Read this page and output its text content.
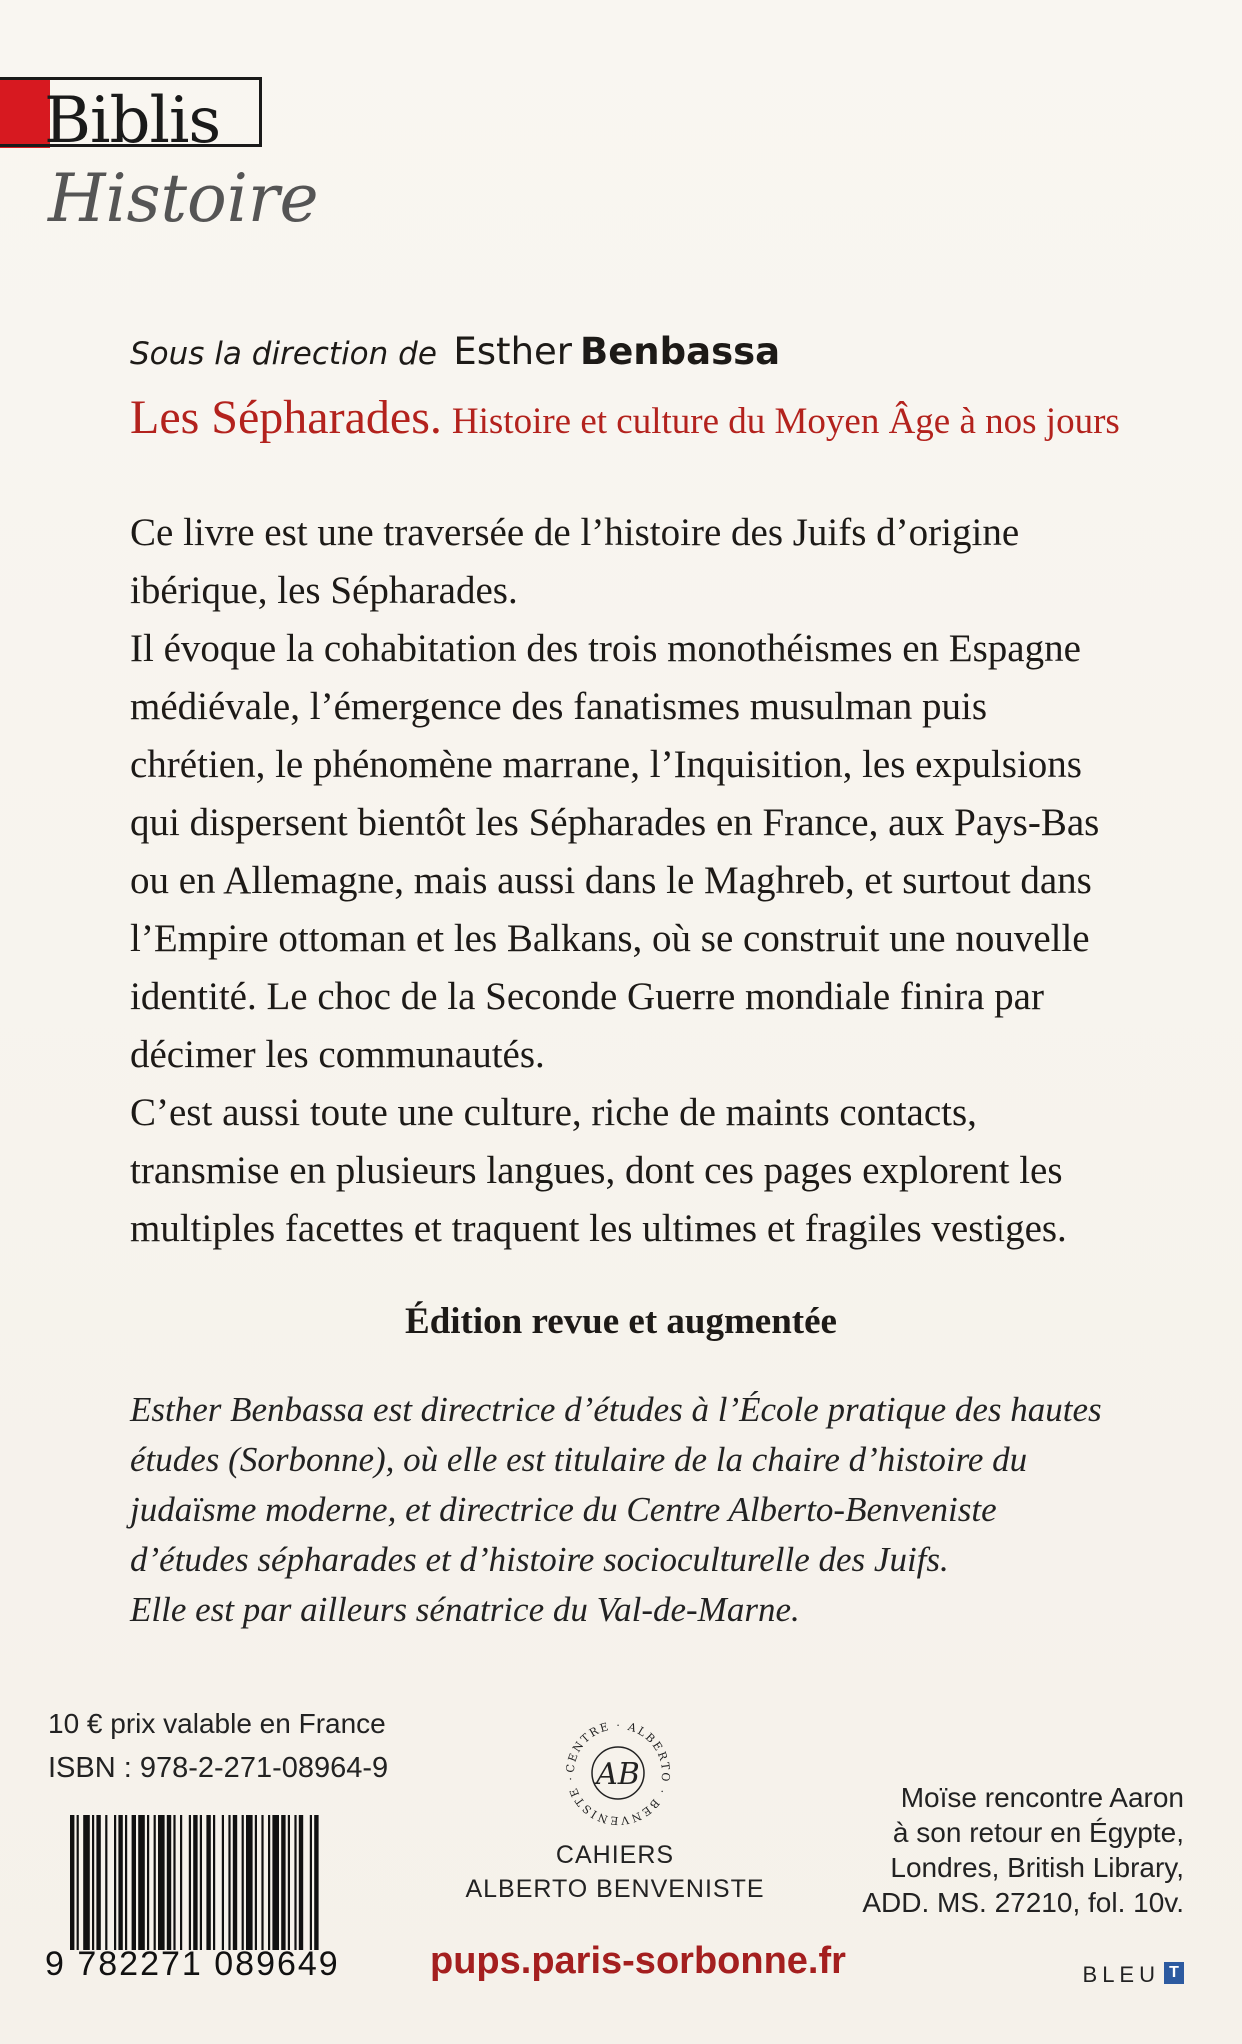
Biblis
Histoire
Sous la direction de Esther Benbassa
Les Sépharades. Histoire et culture du Moyen Âge à nos jours

Ce livre est une traversée de l’histoire des Juifs d’origine ibérique, les Sépharades.

Il évoque la cohabitation des trois monothéismes en Espagne médiévale, l’émergence des fanatismes musulman puis chrétien, le phénomène marrane, l’Inquisition, les expulsions qui dispersent bientôt les Sépharades en France, aux Pays-Bas ou en Allemagne, mais aussi dans le Maghreb, et surtout dans l’Empire ottoman et les Balkans, où se construit une nouvelle identité. Le choc de la Seconde Guerre mondiale finira par décimer les communautés.

C’est aussi toute une culture, riche de maints contacts, transmise en plusieurs langues, dont ces pages explorent les multiples facettes et traquent les ultimes et fragiles vestiges.

Édition revue et augmentée

Esther Benbassa est directrice d’études à l’École pratique des hautes

études (Sorbonne), où elle est titulaire de la chaire d’histoire du

judaïsme moderne, et directrice du Centre Alberto-Benveniste

d’études sépharades et d’histoire socioculturelle des Juifs.

Elle est par ailleurs sénatrice du Val-de-Marne.

10 € prix valable en France
ISBN : 978-2-271-08964-9
9 782271 089649
CENTRE · ALBERTO · BENVENISTE · AB
CAHIERS
ALBERTO BENVENISTE
pups.paris-sorbonne.fr
Moïse rencontre Aaron
à son retour en Égypte,
Londres, British Library,
ADD. MS. 27210, fol. 10v.
BLEU T
